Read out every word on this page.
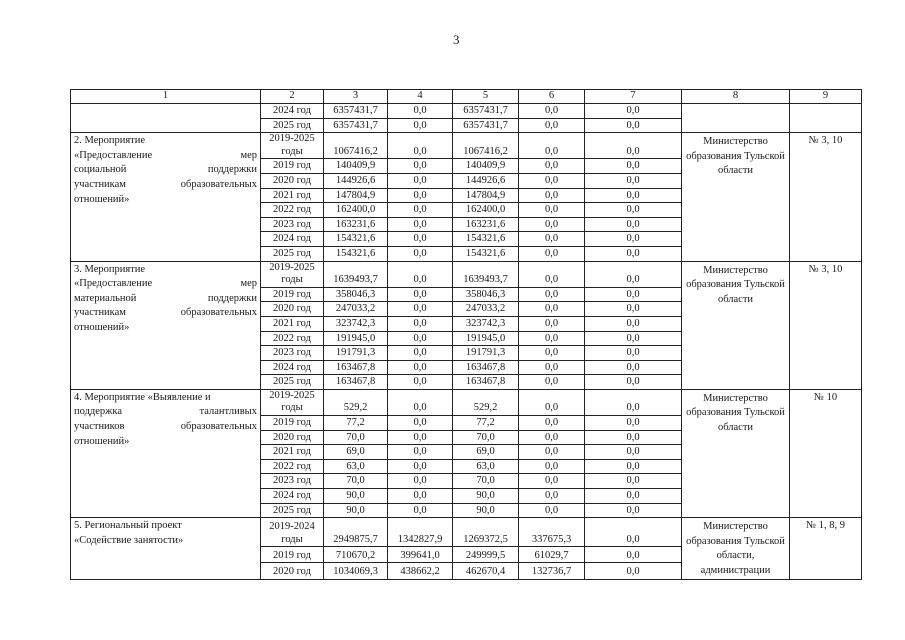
3
1	2	3	4	5	6	7	8	9
	2024 год	6357431,7	0,0	6357431,7	0,0	0,0		
	2025 год	6357431,7	0,0	6357431,7	0,0	0,0		

2. Мероприятие
«Предоставление мер
социальной поддержки
участникам образовательных
отношений»	2019-2025 годы	1067416,2	0,0	1067416,2	0,0	0,0	Министерство образования Тульской области	№ 3, 10
	2019 год	140409,9	0,0	140409,9	0,0	0,0		
	2020 год	144926,6	0,0	144926,6	0,0	0,0		
	2021 год	147804,9	0,0	147804,9	0,0	0,0		
	2022 год	162400,0	0,0	162400,0	0,0	0,0		
	2023 год	163231,6	0,0	163231,6	0,0	0,0		
	2024 год	154321,6	0,0	154321,6	0,0	0,0		
	2025 год	154321,6	0,0	154321,6	0,0	0,0		

3. Мероприятие
«Предоставление мер
материальной поддержки
участникам образовательных
отношений»	2019-2025 годы	1639493,7	0,0	1639493,7	0,0	0,0	Министерство образования Тульской области	№ 3, 10
	2019 год	358046,3	0,0	358046,3	0,0	0,0		
	2020 год	247033,2	0,0	247033,2	0,0	0,0		
	2021 год	323742,3	0,0	323742,3	0,0	0,0		
	2022 год	191945,0	0,0	191945,0	0,0	0,0		
	2023 год	191791,3	0,0	191791,3	0,0	0,0		
	2024 год	163467,8	0,0	163467,8	0,0	0,0		
	2025 год	163467,8	0,0	163467,8	0,0	0,0		

4. Мероприятие «Выявление и
поддержка талантливых
участников образовательных
отношений»	2019-2025 годы	529,2	0,0	529,2	0,0	0,0	Министерство образования Тульской области	№ 10
	2019 год	77,2	0,0	77,2	0,0	0,0		
	2020 год	70,0	0,0	70,0	0,0	0,0		
	2021 год	69,0	0,0	69,0	0,0	0,0		
	2022 год	63,0	0,0	63,0	0,0	0,0		
	2023 год	70,0	0,0	70,0	0,0	0,0		
	2024 год	90,0	0,0	90,0	0,0	0,0		
	2025 год	90,0	0,0	90,0	0,0	0,0		

5. Региональный проект
«Содействие занятости»	2019-2024 годы	2949875,7	1342827,9	1269372,5	337675,3	0,0	Министерство образования Тульской области, администрации	№ 1, 8, 9
	2019 год	710670,2	399641,0	249999,5	61029,7	0,0		
	2020 год	1034069,3	438662,2	462670,4	132736,7	0,0		
